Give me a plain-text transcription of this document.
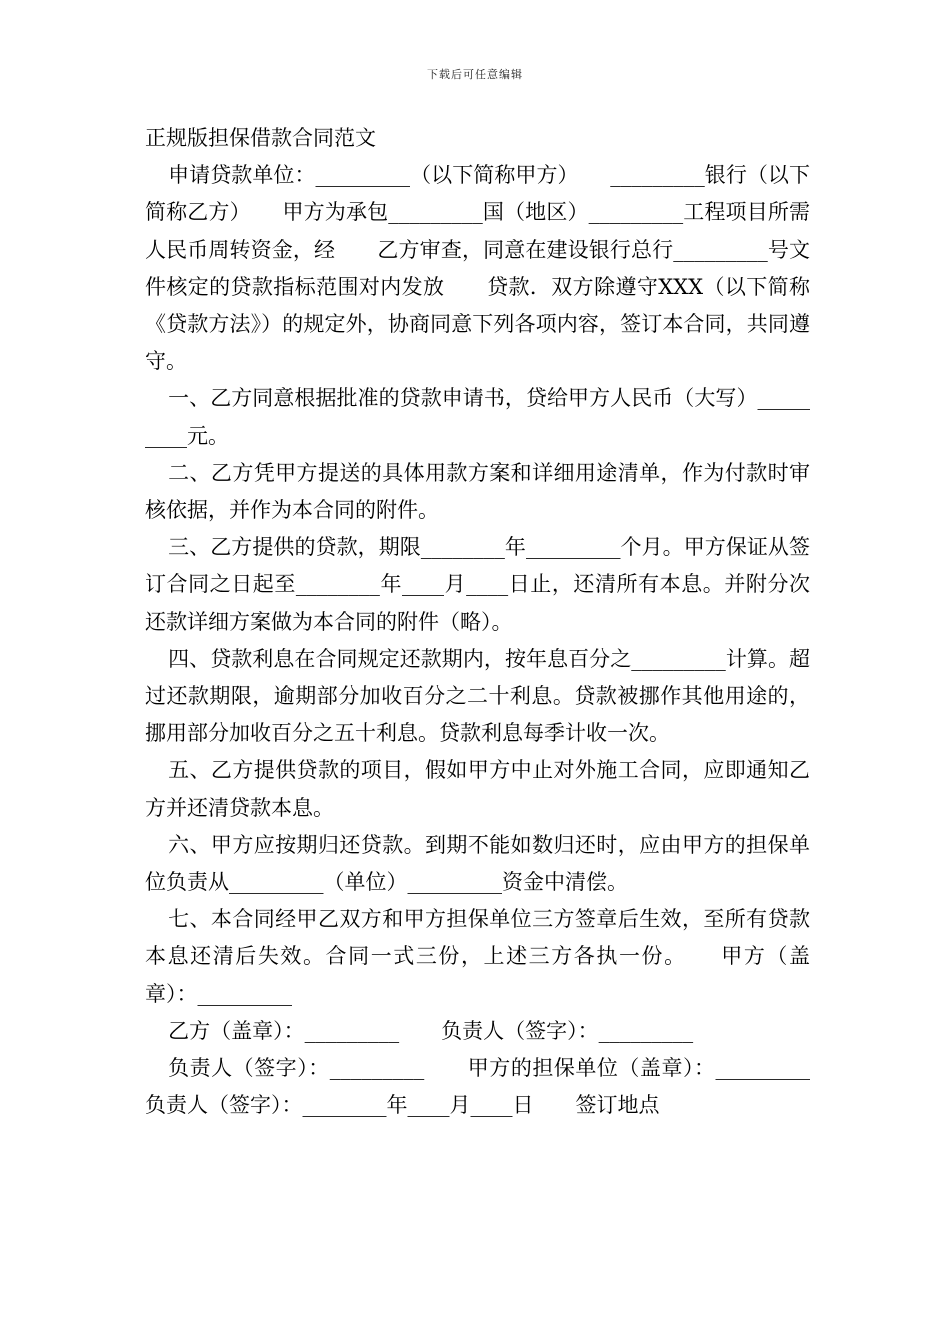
下载后可任意编辑
正规版担保借款合同范文

申请贷款单位：_________（以下简称甲方）　　_________银行（以下简称乙方）　　甲方为承包_________国（地区）_________工程项目所需人民币周转资金，经　　乙方审查，同意在建设银行总行_________号文件核定的贷款指标范围对内发放　　贷款．双方除遵守XXX（以下简称《贷款方法》）的规定外，协商同意下列各项内容，签订本合同，共同遵守。

一、乙方同意根据批准的贷款申请书，贷给甲方人民币（大写）_________元。

二、乙方凭甲方提送的具体用款方案和详细用途清单，作为付款时审核依据，并作为本合同的附件。

三、乙方提供的贷款，期限________年_________个月。甲方保证从签订合同之日起至________年____月____日止，还清所有本息。并附分次还款详细方案做为本合同的附件（略）。

四、贷款利息在合同规定还款期内，按年息百分之_________计算。超过还款期限，逾期部分加收百分之二十利息。贷款被挪作其他用途的，挪用部分加收百分之五十利息。贷款利息每季计收一次。

五、乙方提供贷款的项目，假如甲方中止对外施工合同，应即通知乙方并还清贷款本息。

六、甲方应按期归还贷款。到期不能如数归还时，应由甲方的担保单位负责从_________（单位）_________资金中清偿。

七、本合同经甲乙双方和甲方担保单位三方签章后生效，至所有贷款本息还清后失效。合同一式三份，上述三方各执一份。　　甲方（盖章）：_________

乙方（盖章）：_________　　负责人（签字）：_________

负责人（签字）：_________　　甲方的担保单位（盖章）：_________　　负责人（签字）：________年____月____日　　签订地点
